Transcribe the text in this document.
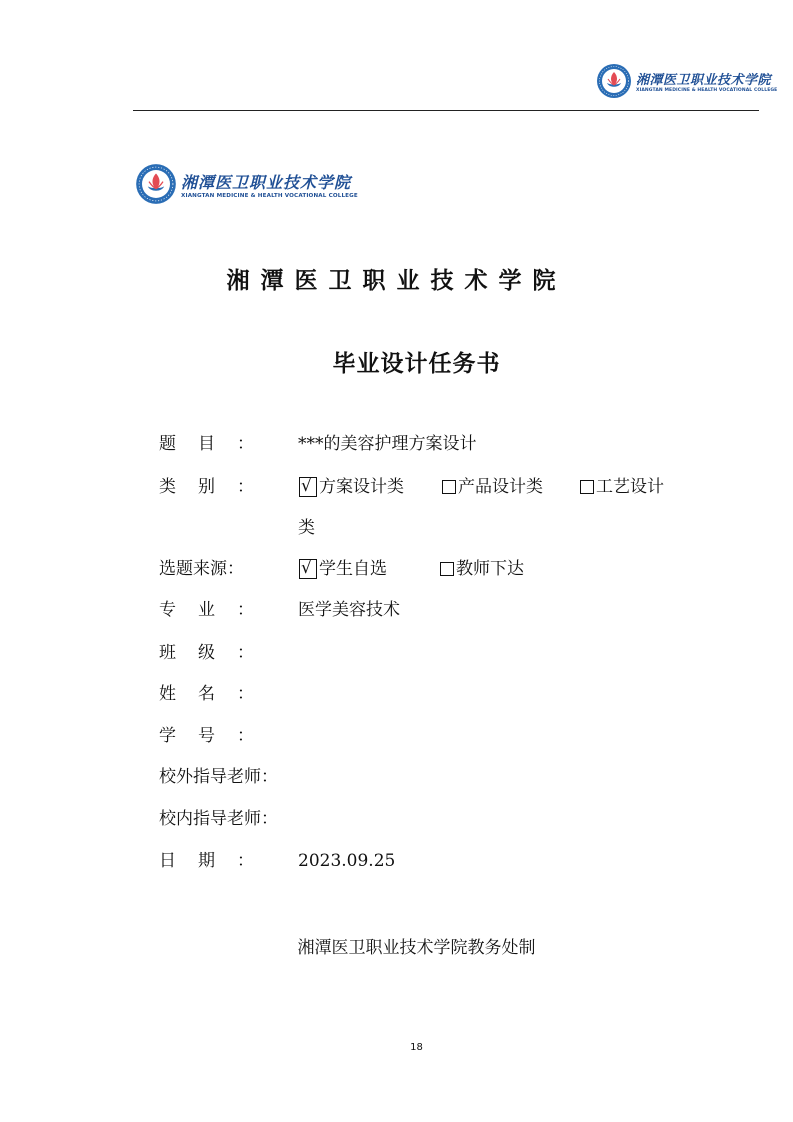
湘潭医卫职业技术学院
XIANGTAN MEDICINE & HEALTH VOCATIONAL COLLEGE
湘潭医卫职业技术学院
XIANGTAN MEDICINE & HEALTH VOCATIONAL COLLEGE
湘潭医卫职业技术学院
毕业设计任务书
题目： ***的美容护理方案设计
类别： √ 方案设计类	产品设计类	工艺设计
类
选题来源：	√ 学生自选	教师下达
专业： 医学美容技术
班级：
姓名：
学号：
校外指导老师：
校内指导老师：
日期： 2023.09.25
湘潭医卫职业技术学院教务处制
18
